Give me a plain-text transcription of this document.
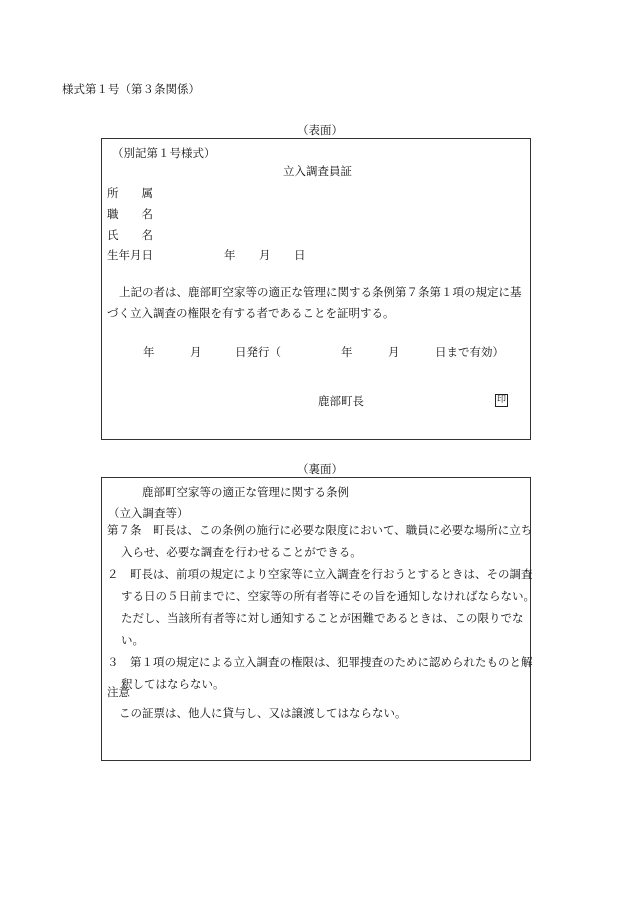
様式第１号（第３条関係）
（表面）
（別記第１号様式）
立入調査員証
所　　属
職　　名
氏　　名
生年月日	年 月 日
上記の者は、鹿部町空家等の適正な管理に関する条例第７条第１項の規定に基
づく立入調査の権限を有する者であることを証明する。
年	月	日発行（	年	月	日まで有効）
鹿部町長	印
（裏面）
鹿部町空家等の適正な管理に関する条例
（立入調査等）
第７条　町長は、この条例の施行に必要な限度において、職員に必要な場所に立ち入らせ、必要な調査を行わせることができる。
２　町長は、前項の規定により空家等に立入調査を行おうとするときは、その調査する日の５日前までに、空家等の所有者等にその旨を通知しなければならない。ただし、当該所有者等に対し通知することが困難であるときは、この限りでない。
３　第１項の規定による立入調査の権限は、犯罪捜査のために認められたものと解釈してはならない。
注意
この証票は、他人に貸与し、又は譲渡してはならない。
